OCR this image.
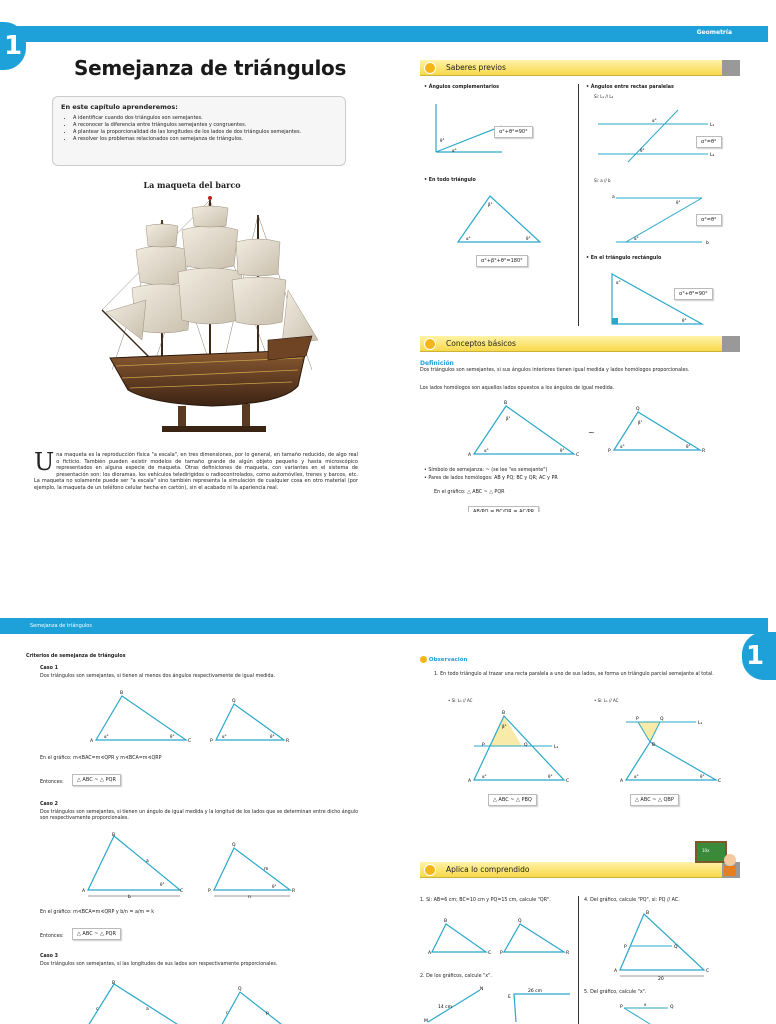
1
Semejanza de triángulos
En este capítulo aprenderemos:
• A identificar cuando dos triángulos son semejantes.
• A reconocer la diferencia entre triángulos semejantes y congruentes.
• A plantear la proporcionalidad de las longitudes de los lados de dos triángulos semejantes.
• A resolver los problemas relacionados con semejanza de triángulos.
La maqueta del barco
U na maqueta es la reproducción física "a escala", en tres dimensiones, por lo general, en tamaño reducido, de algo real o ficticio. También pueden existir modelos de tamaño grande de algún objeto pequeño y hasta microscópico representados en alguna especie de maqueta. Otras definiciones de maqueta, con variantes en el sistema de presentación son: los dioramas, los vehículos teledirigidos o radiocontrolados, como automóviles, trenes y barcos, etc. La maqueta no solamente puede ser "a escala" sino también representa la simulación de cualquier cosa en otro material (por ejemplo, la maqueta de un teléfono celular hecha en cartón), sin el acabado ni la apariencia real.
Geometría
Saberes previos
• Ángulos complementarios
θ°
α°
α°+θ°=90°
• Ángulos entre rectas paralelas
Si: L₁ // L₂
L₁
L₂
α°
θ°
α°=θ°
• En todo triángulo
β°
α°	θ°
α°+β°+θ°=180°
Si: a // b
a
b
θ°
α°
α°=θ°
• En el triángulo rectángulo
α°
θ°
α°+θ°=90°
Conceptos básicos
Definición
Dos triángulos son semejantes, si sus ángulos interiores tienen igual medida y lados homólogos proporcionales.
Los lados homólogos son aquellos lados opuestos a los ángulos de igual medida.
B
A	C
β°
α°	θ°
~
Q
P	R
β°
α°	θ°
• Símbolo de semejanza: ~ (se lee "es semejante")
• Pares de lados homólogos: AB y PQ; BC y QR; AC y PR
En el gráfico: △ ABC ~ △ PQR
Semejanza de triángulos
Criterios de semejanza de triángulos
Caso 1
Dos triángulos son semejantes, si tienen al menos dos ángulos respectivamente de igual medida.
B
A	C
α°	θ°
Q
P	R
α°	θ°
En el gráfico: m∢BAC=m∢QPR y m∢BCA=m∢QRP
Entonces:	△ ABC ~ △ PQR
Caso 2
Dos triángulos son semejantes, si tienen un ángulo de igual medida y la longitud de los lados que se determinan entre dicho ángulo son respectivamente proporcionales.
B
A	C
a
b
θ°
Q
P	R
m
n
θ°
En el gráfico: m∢BCA=m∢QRP y b/n = a/m = k
Entonces:	△ ABC ~ △ PQR
Caso 3
Dos triángulos son semejantes, si las longitudes de sus lados son respectivamente proporcionales.
B
c	a
Q
r	p
1
Observación
1. En todo triángulo al trazar una recta paralela a uno de sus lados, se forma un triángulo parcial semejante al total.
• Si: L₁ // AC	• Si: L₁ // AC
B
P	Q	L₁
A	C
β°
α°	θ°
△ ABC ~ △ PBQ
P	Q
L₁
B
A	C
α°	θ°
△ ABC ~ △ QBP
Aplica lo comprendido
10x
1. Si: AB=6 cm; BC=10 cm y PQ=15 cm, calcule "QR".
B
A	C
Q
P	R
2. De los gráficos, calcule "x".
14 cm
26 cm
N
E
M
4. Del gráfico, calcule "PQ", si: PQ // AC.
B
P	Q
A	C
20
5. Del gráfico, calcule "x".
P	Q
x
